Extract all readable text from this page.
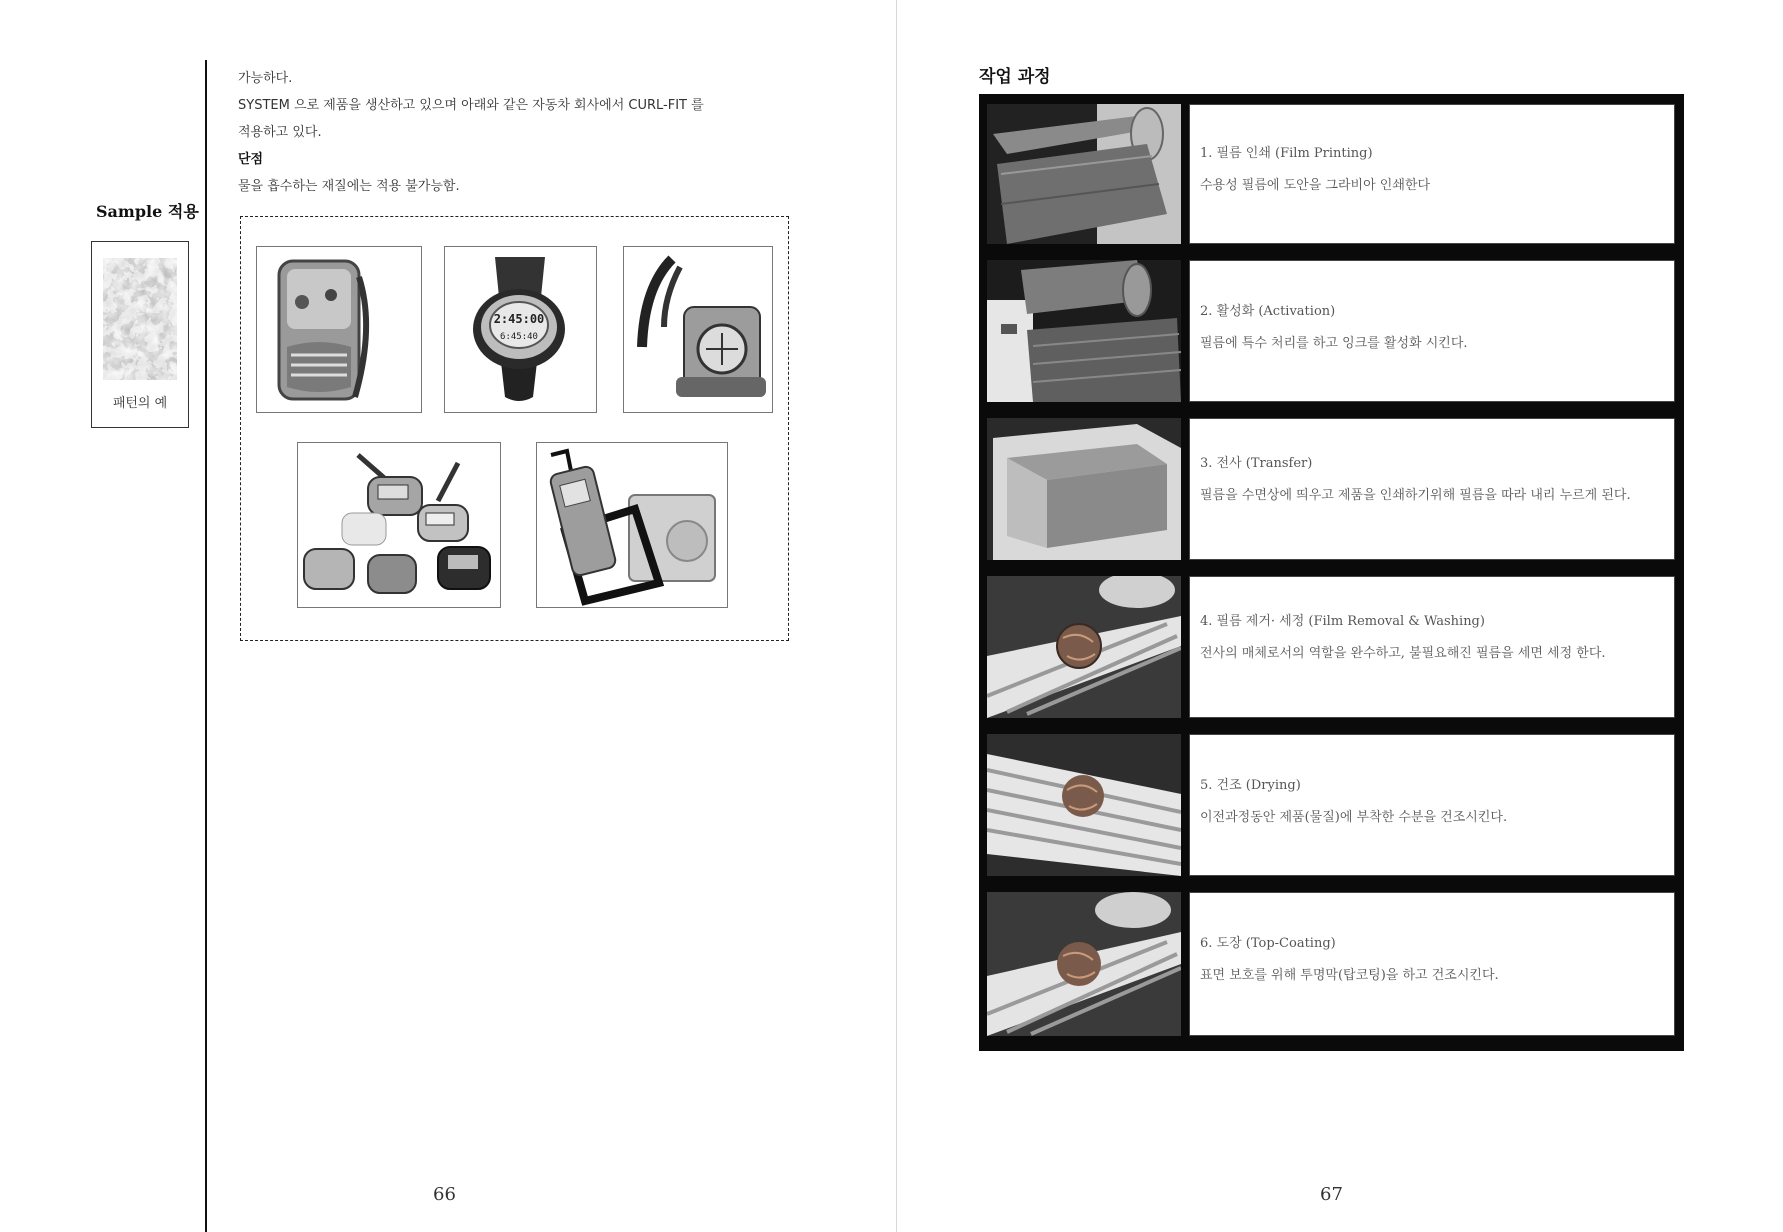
가능하다.

SYSTEM 으로 제품을 생산하고 있으며 아래와 같은 자동차 회사에서 CURL-FIT 를

적용하고 있다.

단점

물을 흡수하는 재질에는 적용 불가능함.

Sample 적용
패턴의 예
2:45:00
6:45:40
66
작업 과정

1. 필름 인쇄 (Film Printing)

수용성 필름에 도안을 그라비아 인쇄한다

2. 활성화 (Activation)

필름에 특수 처리를 하고 잉크를 활성화 시킨다.

3. 전사 (Transfer)

필름을 수면상에 띄우고 제품을 인쇄하기위해 필름을 따라 내리 누르게 된다.

4. 필름 제거· 세정 (Film Removal & Washing)

전사의 매체로서의 역할을 완수하고, 불필요해진 필름을 세면 세정 한다.

5. 건조 (Drying)

이전과정동안 제품(물질)에 부착한 수분을 건조시킨다.

6. 도장 (Top-Coating)

표면 보호를 위해 투명막(탑코팅)을 하고 건조시킨다.

67
